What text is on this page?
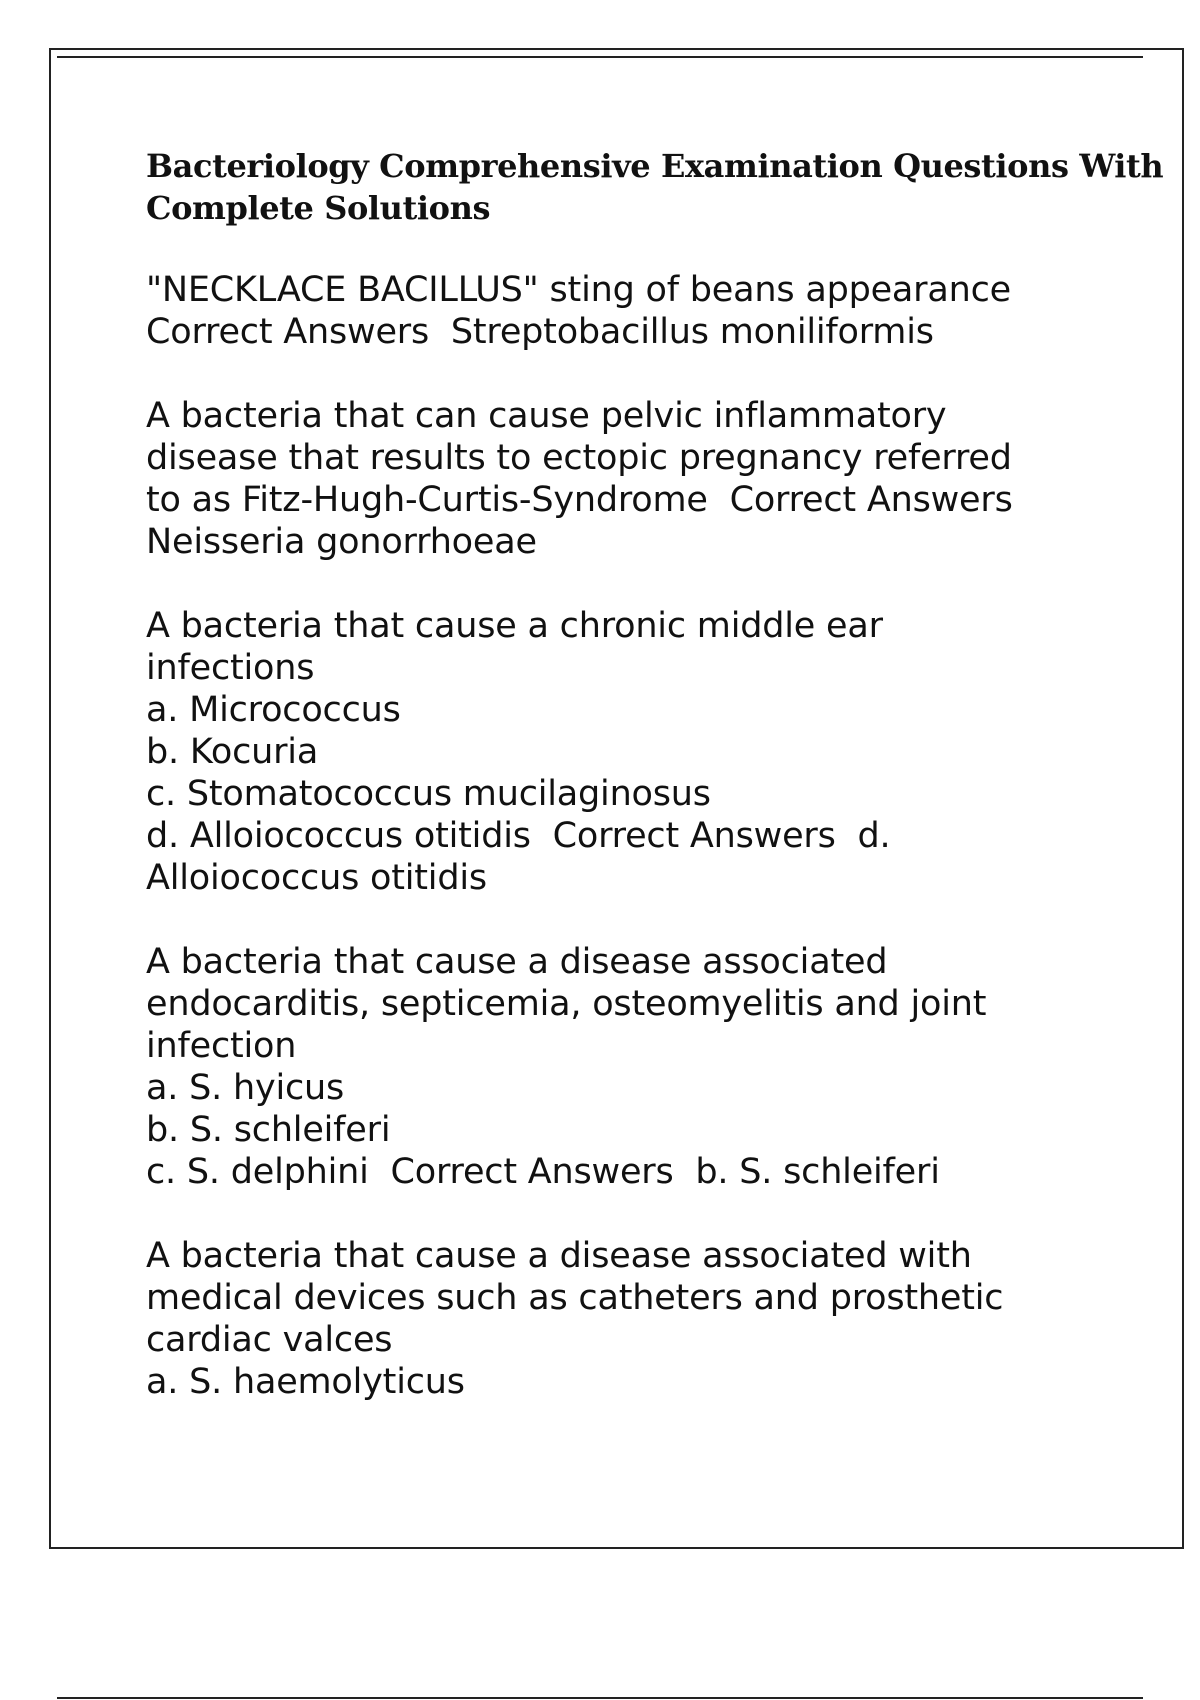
Bacteriology Comprehensive Examination Questions With
Complete Solutions
"NECKLACE BACILLUS" sting of beans appearance
Correct Answers  Streptobacillus moniliformis
A bacteria that can cause pelvic inflammatory
disease that results to ectopic pregnancy referred
to as Fitz-Hugh-Curtis-Syndrome  Correct Answers
Neisseria gonorrhoeae
A bacteria that cause a chronic middle ear
infections
a. Micrococcus
b. Kocuria
c. Stomatococcus mucilaginosus
d. Alloiococcus otitidis  Correct Answers  d.
Alloiococcus otitidis
A bacteria that cause a disease associated
endocarditis, septicemia, osteomyelitis and joint
infection
a. S. hyicus
b. S. schleiferi
c. S. delphini  Correct Answers  b. S. schleiferi
A bacteria that cause a disease associated with
medical devices such as catheters and prosthetic
cardiac valces
a. S. haemolyticus
